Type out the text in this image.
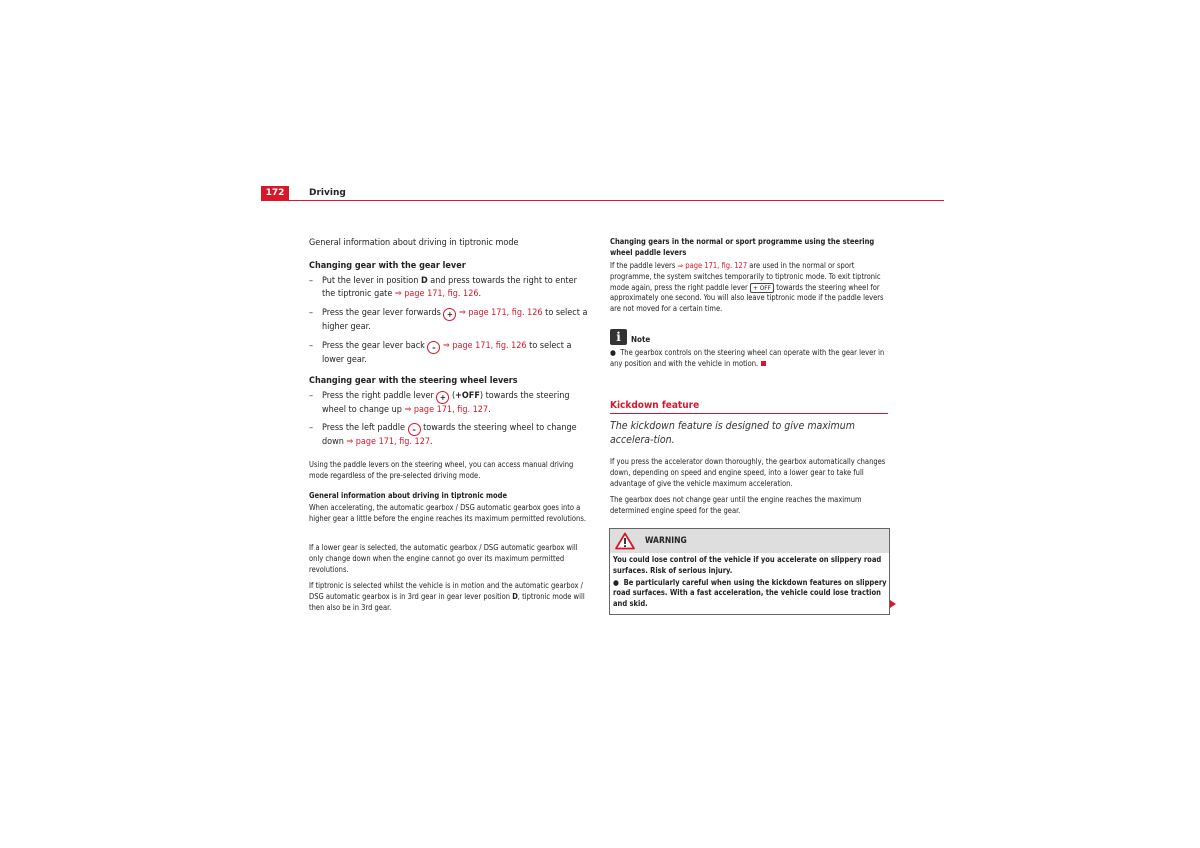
172	Driving
General information about driving in tiptronic mode
Changing gear with the gear lever
– Put the lever in position D and press towards the right to enter the tiptronic gate ⇒ page 171, fig. 126.
– Press the gear lever forwards + ⇒ page 171, fig. 126 to select a higher gear.
– Press the gear lever back – ⇒ page 171, fig. 126 to select a lower gear.
Changing gear with the steering wheel levers
– Press the right paddle lever + (+OFF) towards the steering wheel to change up ⇒ page 171, fig. 127.
– Press the left paddle – towards the steering wheel to change down ⇒ page 171, fig. 127.
Using the paddle levers on the steering wheel, you can access manual driving mode regardless of the pre-selected driving mode.
General information about driving in tiptronic mode
When accelerating, the automatic gearbox / DSG automatic gearbox goes into a higher gear a little before the engine reaches its maximum permitted revolutions.
If a lower gear is selected, the automatic gearbox / DSG automatic gearbox will only change down when the engine cannot go over its maximum permitted revolutions.
If tiptronic is selected whilst the vehicle is in motion and the automatic gearbox / DSG automatic gearbox is in 3rd gear in gear lever position D, tiptronic mode will then also be in 3rd gear.
Changing gears in the normal or sport programme using the steering wheel paddle levers
If the paddle levers ⇒ page 171, fig. 127 are used in the normal or sport programme, the system switches temporarily to tiptronic mode. To exit tiptronic mode again, press the right paddle lever + OFF towards the steering wheel for approximately one second. You will also leave tiptronic mode if the paddle levers are not moved for a certain time.
i	Note
●  The gearbox controls on the steering wheel can operate with the gear lever in any position and with the vehicle in motion.
Kickdown feature
The kickdown feature is designed to give maximum accelera-tion.
If you press the accelerator down thoroughly, the gearbox automatically changes down, depending on speed and engine speed, into a lower gear to take full advantage of give the vehicle maximum acceleration.
The gearbox does not change gear until the engine reaches the maximum determined engine speed for the gear.
WARNING

You could lose control of the vehicle if you accelerate on slippery road surfaces. Risk of serious injury.

●  Be particularly careful when using the kickdown features on slippery road surfaces. With a fast acceleration, the vehicle could lose traction and skid.
